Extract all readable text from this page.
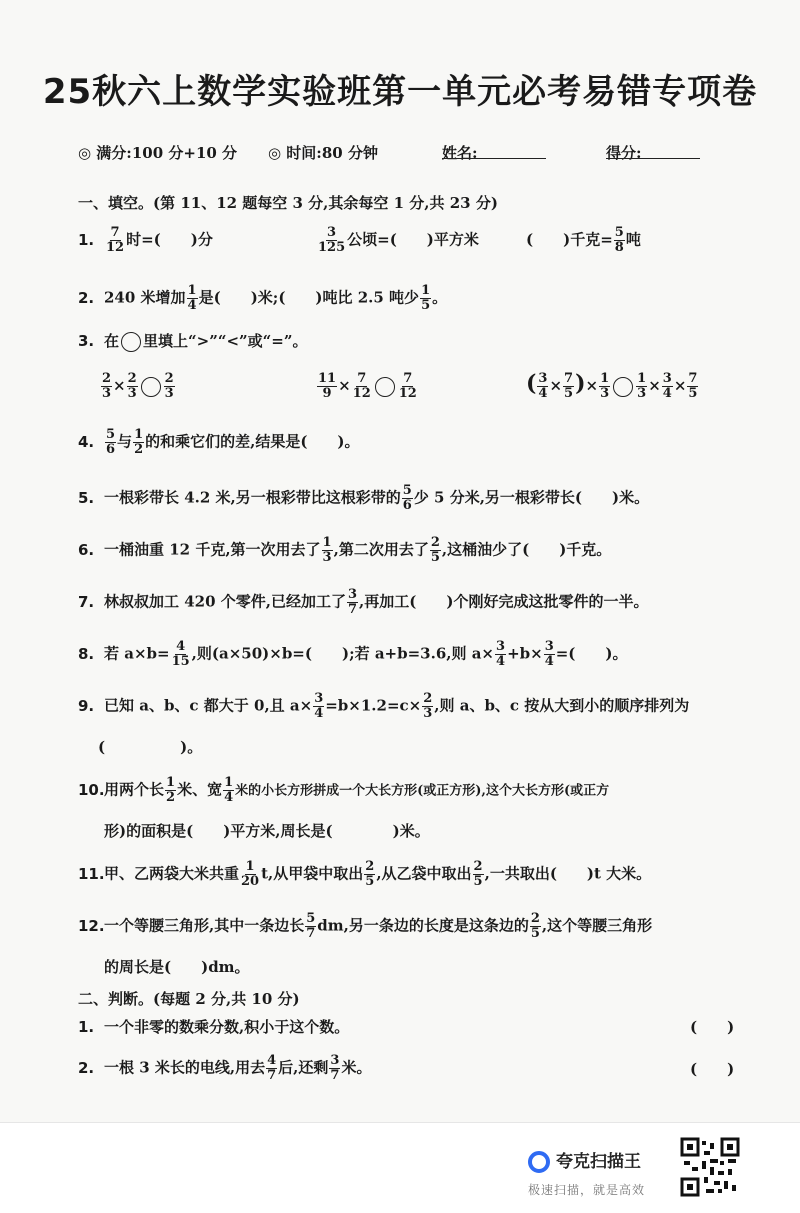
25秋六上数学实验班第一单元必考易错专项卷
◎ 满分:100 分+10 分 ◎ 时间:80 分钟	姓名:	得分:
一、填空。(第 11、12 题每空 3 分,其余每空 1 分,共 23 分)
1. $\frac{7}{12}$ 时=(　　)分	$\frac{3}{125}$ 公顷=(　　)平方米	(　　)千克= $\frac{5}{8}$ 吨
2. 240 米增加 $\frac{1}{4}$ 是(　　)米;(　　)吨比 2.5 吨少 $\frac{1}{5}$ 。
3. 在 里填上“>”“<”或“=”。
$\frac{2}{3} \times \frac{2}{3} \frac{2}{3}$	$\frac{11}{9} \times \frac{7}{12} \frac{7}{12}$	( $\frac{3}{4} \times \frac{7}{5}$ )× $\frac{1}{3} \frac{1}{3} \times \frac{3}{4} \times \frac{7}{5}$
4. $\frac{5}{6}$ 与 $\frac{1}{2}$ 的和乘它们的差,结果是(　　)。
5. 一根彩带长 4.2 米,另一根彩带比这根彩带的 $\frac{5}{6}$ 少 5 分米,另一根彩带长(　　)米。
6. 一桶油重 12 千克,第一次用去了 $\frac{1}{3}$ ,第二次用去了 $\frac{2}{5}$ ,这桶油少了(　　)千克。
7. 林叔叔加工 420 个零件,已经加工了 $\frac{3}{7}$ ,再加工(　　)个刚好完成这批零件的一半。
8. 若 $a\times b= \frac{4}{15}$ ,则(a×50)×b=(　　);若 a+b=3.6,则 $a\times \frac{3}{4} +b\times \frac{3}{4}$ =(　　)。
9. 已知 a、b、c 都大于 0,且 $a\times \frac{3}{4} =b\times 1.2=c\times \frac{2}{3}$ ,则 a、b、c 按从大到小的顺序排列为
(　　　　　)。
10.用两个长 $\frac{1}{2}$ 米、宽 $\frac{1}{4}$ 米的小长方形拼成一个大长方形(或正方形),这个大长方形(或正方
形)的面积是(　　)平方米,周长是(　　　　)米。
11.甲、乙两袋大米共重 $\frac{1}{20} t$,从甲袋中取出 $\frac{2}{5}$ ,从乙袋中取出 $\frac{2}{5}$ ,一共取出(　　)t 大米。
12.一个等腰三角形,其中一条边长 $\frac{5}{7}$ dm,另一条边的长度是这条边的 $\frac{2}{5}$ ,这个等腰三角形
的周长是(　　)dm。
二、判断。(每题 2 分,共 10 分)
1. 一个非零的数乘分数,积小于这个数。	(　　)
2. 一根 3 米长的电线,用去 $\frac{4}{7}$ 后,还剩 $\frac{3}{7}$ 米。	(　　)
夸克扫描王
极速扫描，就是高效
